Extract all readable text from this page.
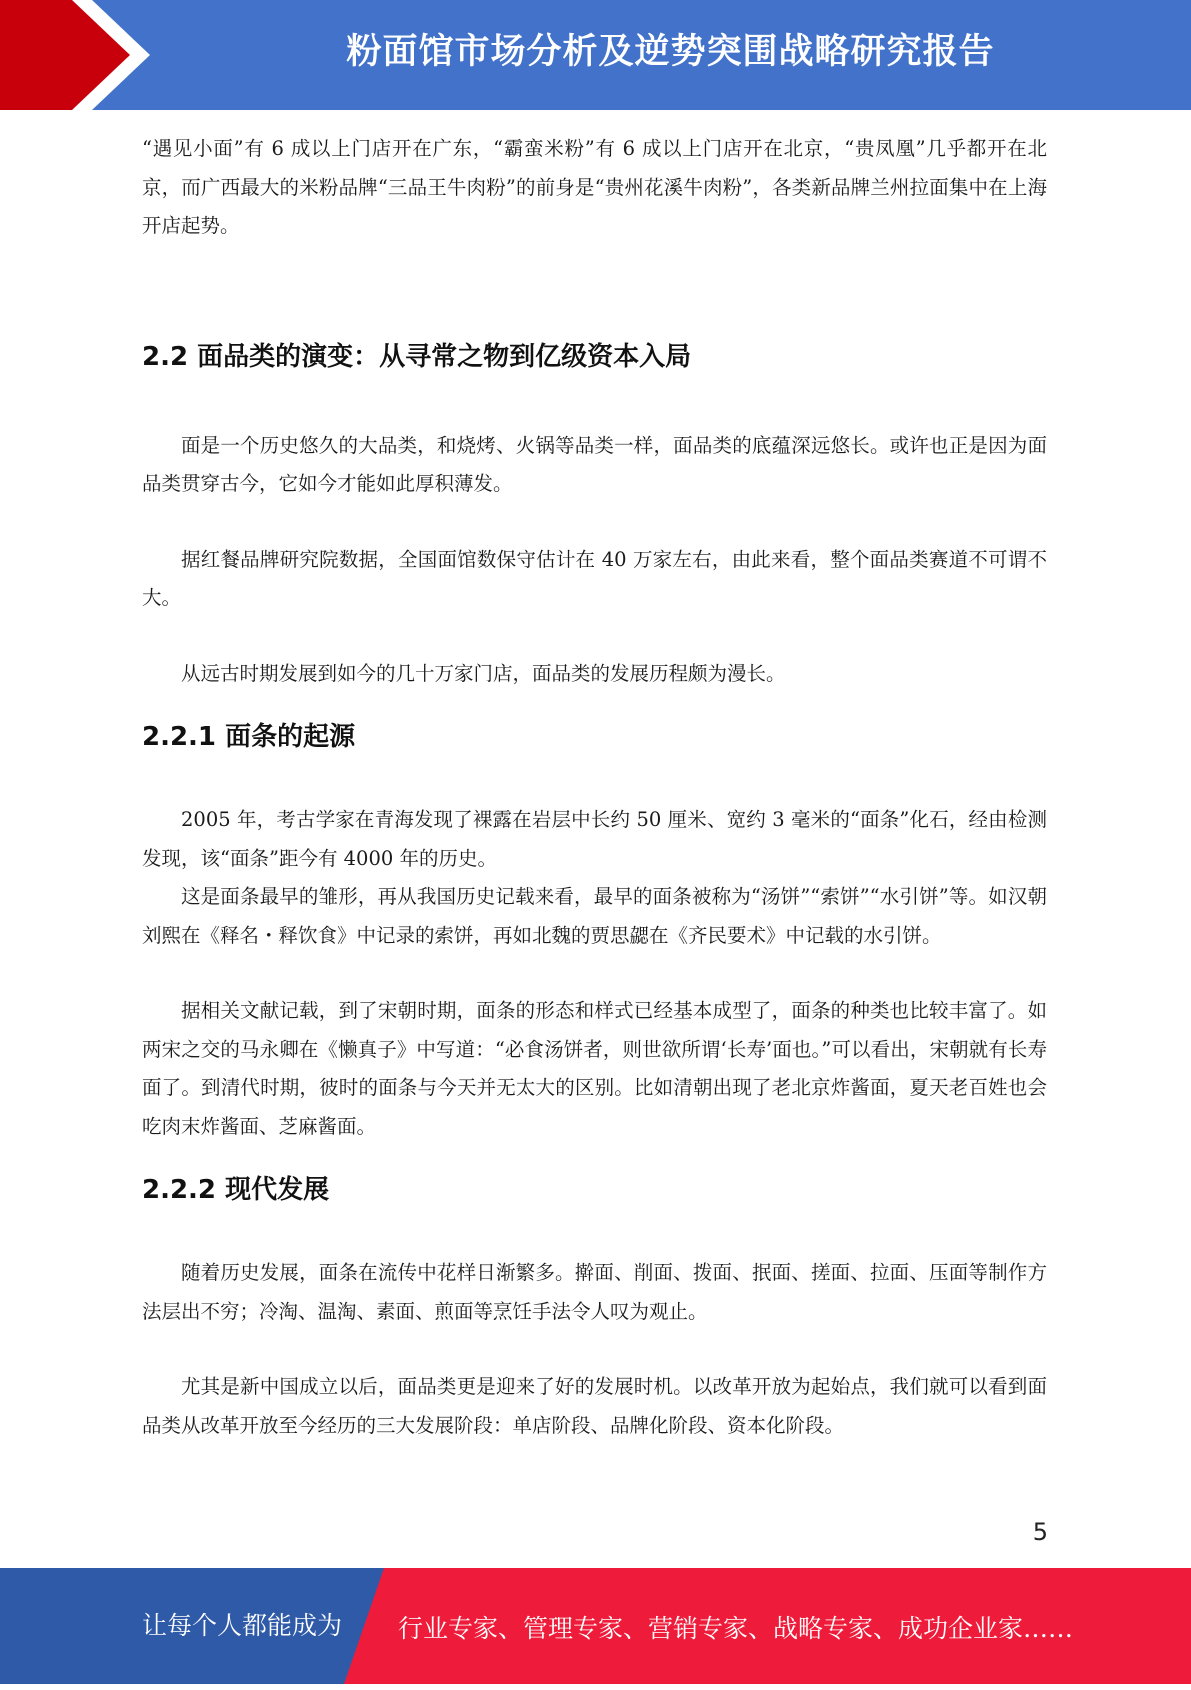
粉面馆市场分析及逆势突围战略研究报告

“遇见小面”有 6 成以上门店开在广东，“霸蛮米粉”有 6 成以上门店开在北京，“贵凤凰”几乎都开在北京，而广西最大的米粉品牌“三品王牛肉粉”的前身是“贵州花溪牛肉粉”，各类新品牌兰州拉面集中在上海开店起势。

2.2 面品类的演变：从寻常之物到亿级资本入局

面是一个历史悠久的大品类，和烧烤、火锅等品类一样，面品类的底蕴深远悠长。或许也正是因为面品类贯穿古今，它如今才能如此厚积薄发。

据红餐品牌研究院数据，全国面馆数保守估计在 40 万家左右，由此来看，整个面品类赛道不可谓不大。

从远古时期发展到如今的几十万家门店，面品类的发展历程颇为漫长。

2.2.1 面条的起源

2005 年，考古学家在青海发现了裸露在岩层中长约 50 厘米、宽约 3 毫米的“面条”化石，经由检测发现，该“面条”距今有 4000 年的历史。

这是面条最早的雏形，再从我国历史记载来看，最早的面条被称为“汤饼”“索饼”“水引饼”等。如汉朝刘熙在《释名・释饮食》中记录的索饼，再如北魏的贾思勰在《齐民要术》中记载的水引饼。

据相关文献记载，到了宋朝时期，面条的形态和样式已经基本成型了，面条的种类也比较丰富了。如两宋之交的马永卿在《懒真子》中写道：“必食汤饼者，则世欲所谓‘长寿’面也。”可以看出，宋朝就有长寿面了。到清代时期，彼时的面条与今天并无太大的区别。比如清朝出现了老北京炸酱面，夏天老百姓也会吃肉末炸酱面、芝麻酱面。

2.2.2 现代发展

随着历史发展，面条在流传中花样日渐繁多。擀面、削面、拨面、抿面、搓面、拉面、压面等制作方法层出不穷；冷淘、温淘、素面、煎面等烹饪手法令人叹为观止。

尤其是新中国成立以后，面品类更是迎来了好的发展时机。以改革开放为起始点，我们就可以看到面品类从改革开放至今经历的三大发展阶段：单店阶段、品牌化阶段、资本化阶段。

5
让每个人都能成为 行业专家、管理专家、营销专家、战略专家、成功企业家……
